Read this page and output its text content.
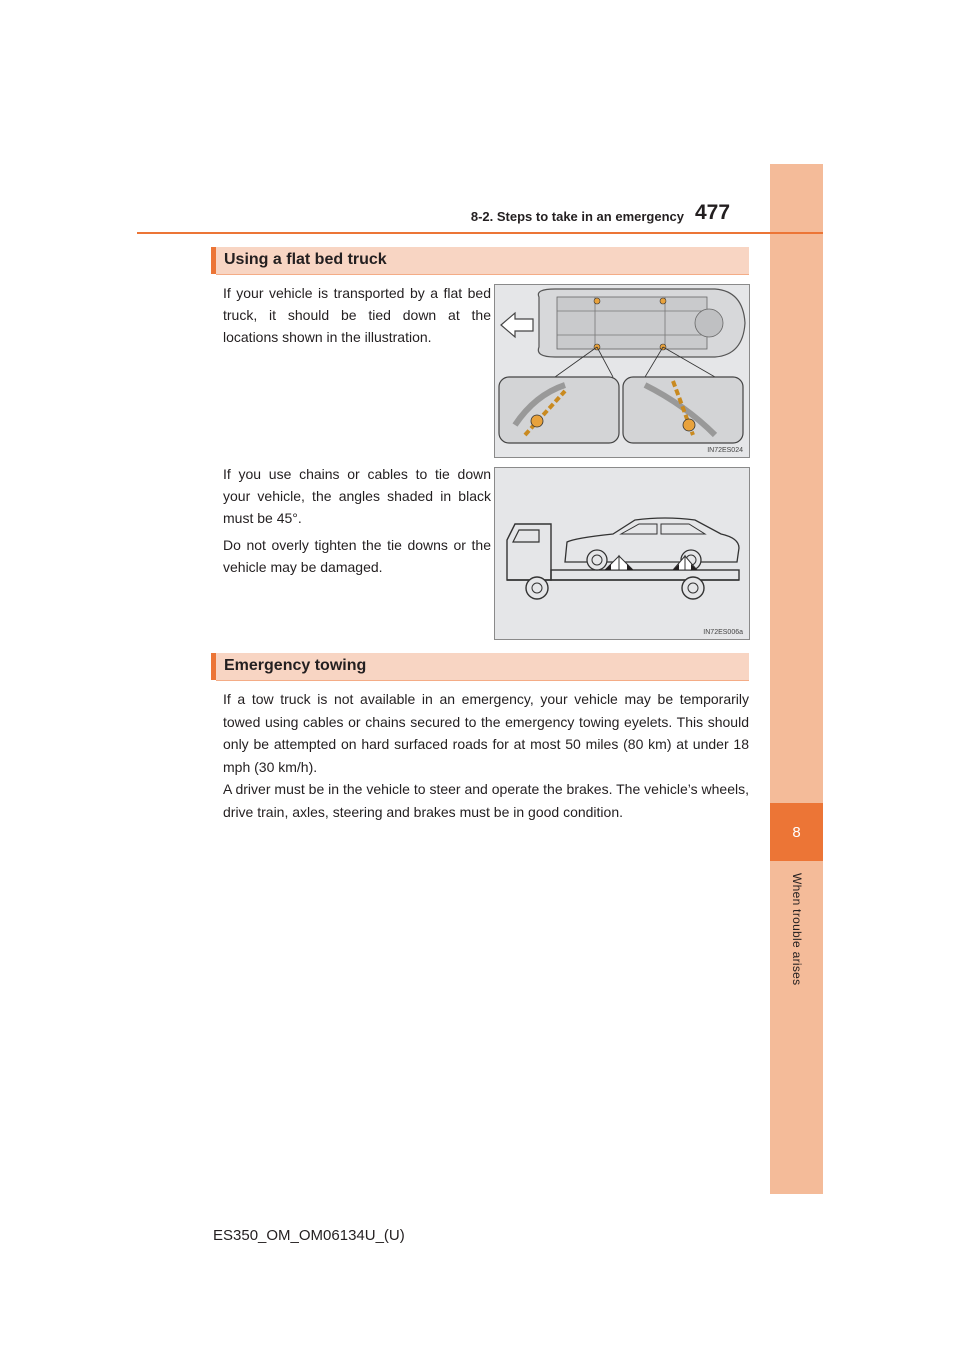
8
When trouble arises
8-2. Steps to take in an emergency 477
Using a flat bed truck

If your vehicle is transported by a flat bed truck, it should be tied down at the locations shown in the illustration.

IN72ES024

If you use chains or cables to tie down your vehicle, the angles shaded in black must be 45°.

Do not overly tighten the tie downs or the vehicle may be damaged.

IN72ES006a
Emergency towing

If a tow truck is not available in an emergency, your vehicle may be temporarily towed using cables or chains secured to the emergency towing eyelets. This should only be attempted on hard surfaced roads for at most 50 miles (80 km) at under 18 mph (30 km/h).

A driver must be in the vehicle to steer and operate the brakes. The vehicle’s wheels, drive train, axles, steering and brakes must be in good condition.

ES350_OM_OM06134U_(U)
